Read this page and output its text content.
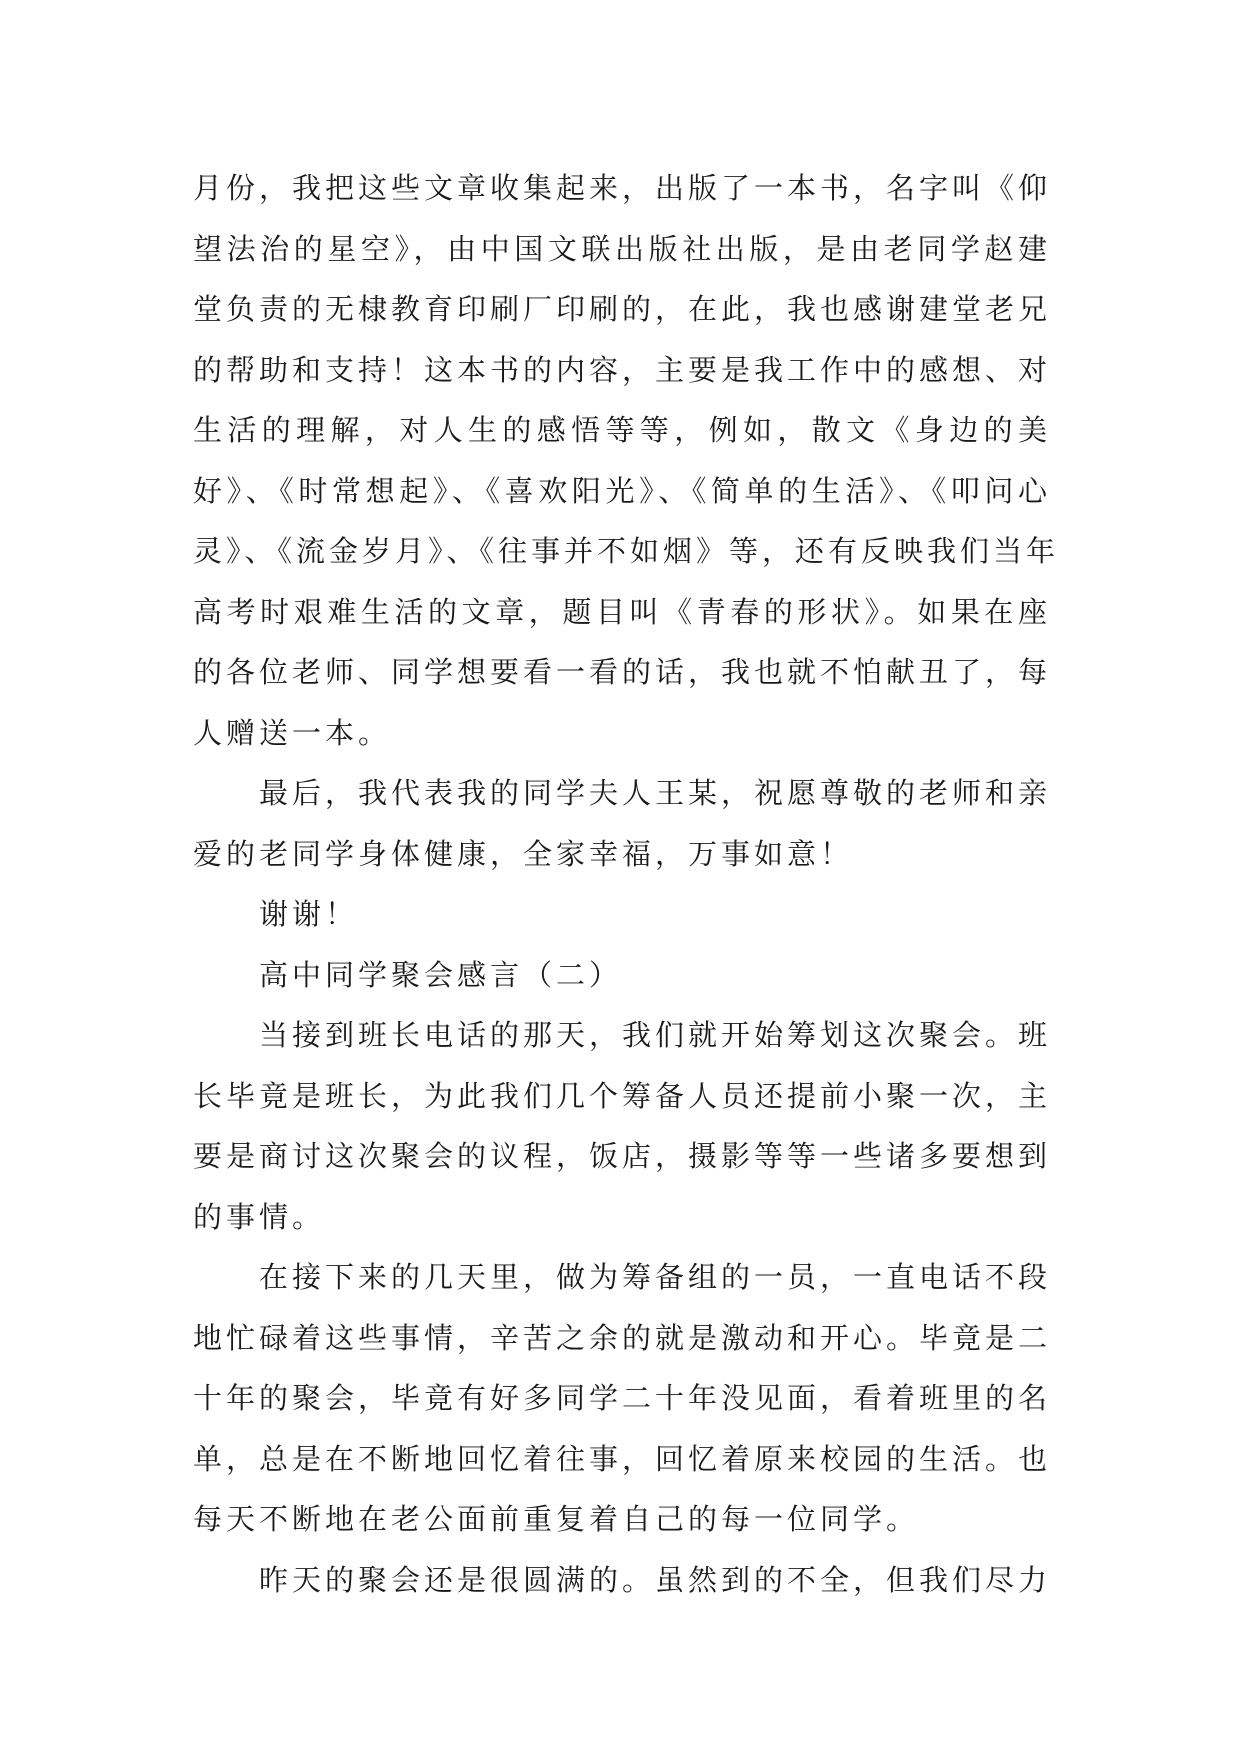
月份，我把这些文章收集起来，出版了一本书，名字叫《仰
望法治的星空》，由中国文联出版社出版，是由老同学赵建
堂负责的无棣教育印刷厂印刷的，在此，我也感谢建堂老兄
的帮助和支持！这本书的内容，主要是我工作中的感想、对
生活的理解，对人生的感悟等等，例如，散文《身边的美
好》、《时常想起》、《喜欢阳光》、《简单的生活》、《叩问心
灵》、《流金岁月》、《往事并不如烟》等，还有反映我们当年
高考时艰难生活的文章，题目叫《青春的形状》。如果在座
的各位老师、同学想要看一看的话，我也就不怕献丑了，每
人赠送一本。
最后，我代表我的同学夫人王某，祝愿尊敬的老师和亲
爱的老同学身体健康，全家幸福，万事如意！
谢谢！
高中同学聚会感言（二）
当接到班长电话的那天，我们就开始筹划这次聚会。班
长毕竟是班长，为此我们几个筹备人员还提前小聚一次，主
要是商讨这次聚会的议程，饭店，摄影等等一些诸多要想到
的事情。
在接下来的几天里，做为筹备组的一员，一直电话不段
地忙碌着这些事情，辛苦之余的就是激动和开心。毕竟是二
十年的聚会，毕竟有好多同学二十年没见面，看着班里的名
单，总是在不断地回忆着往事，回忆着原来校园的生活。也
每天不断地在老公面前重复着自己的每一位同学。
昨天的聚会还是很圆满的。虽然到的不全，但我们尽力
